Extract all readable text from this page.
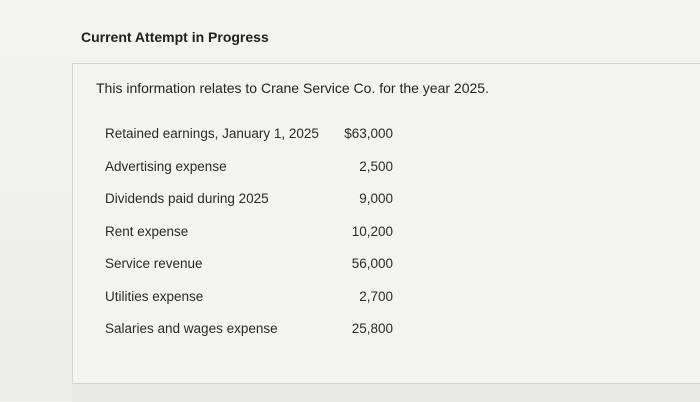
Current Attempt in Progress
This information relates to Crane Service Co. for the year 2025.
Retained earnings, January 1, 2025 $63,000
Advertising expense	2,500
Dividends paid during 2025	9,000
Rent expense	10,200
Service revenue	56,000
Utilities expense	2,700
Salaries and wages expense	25,800
